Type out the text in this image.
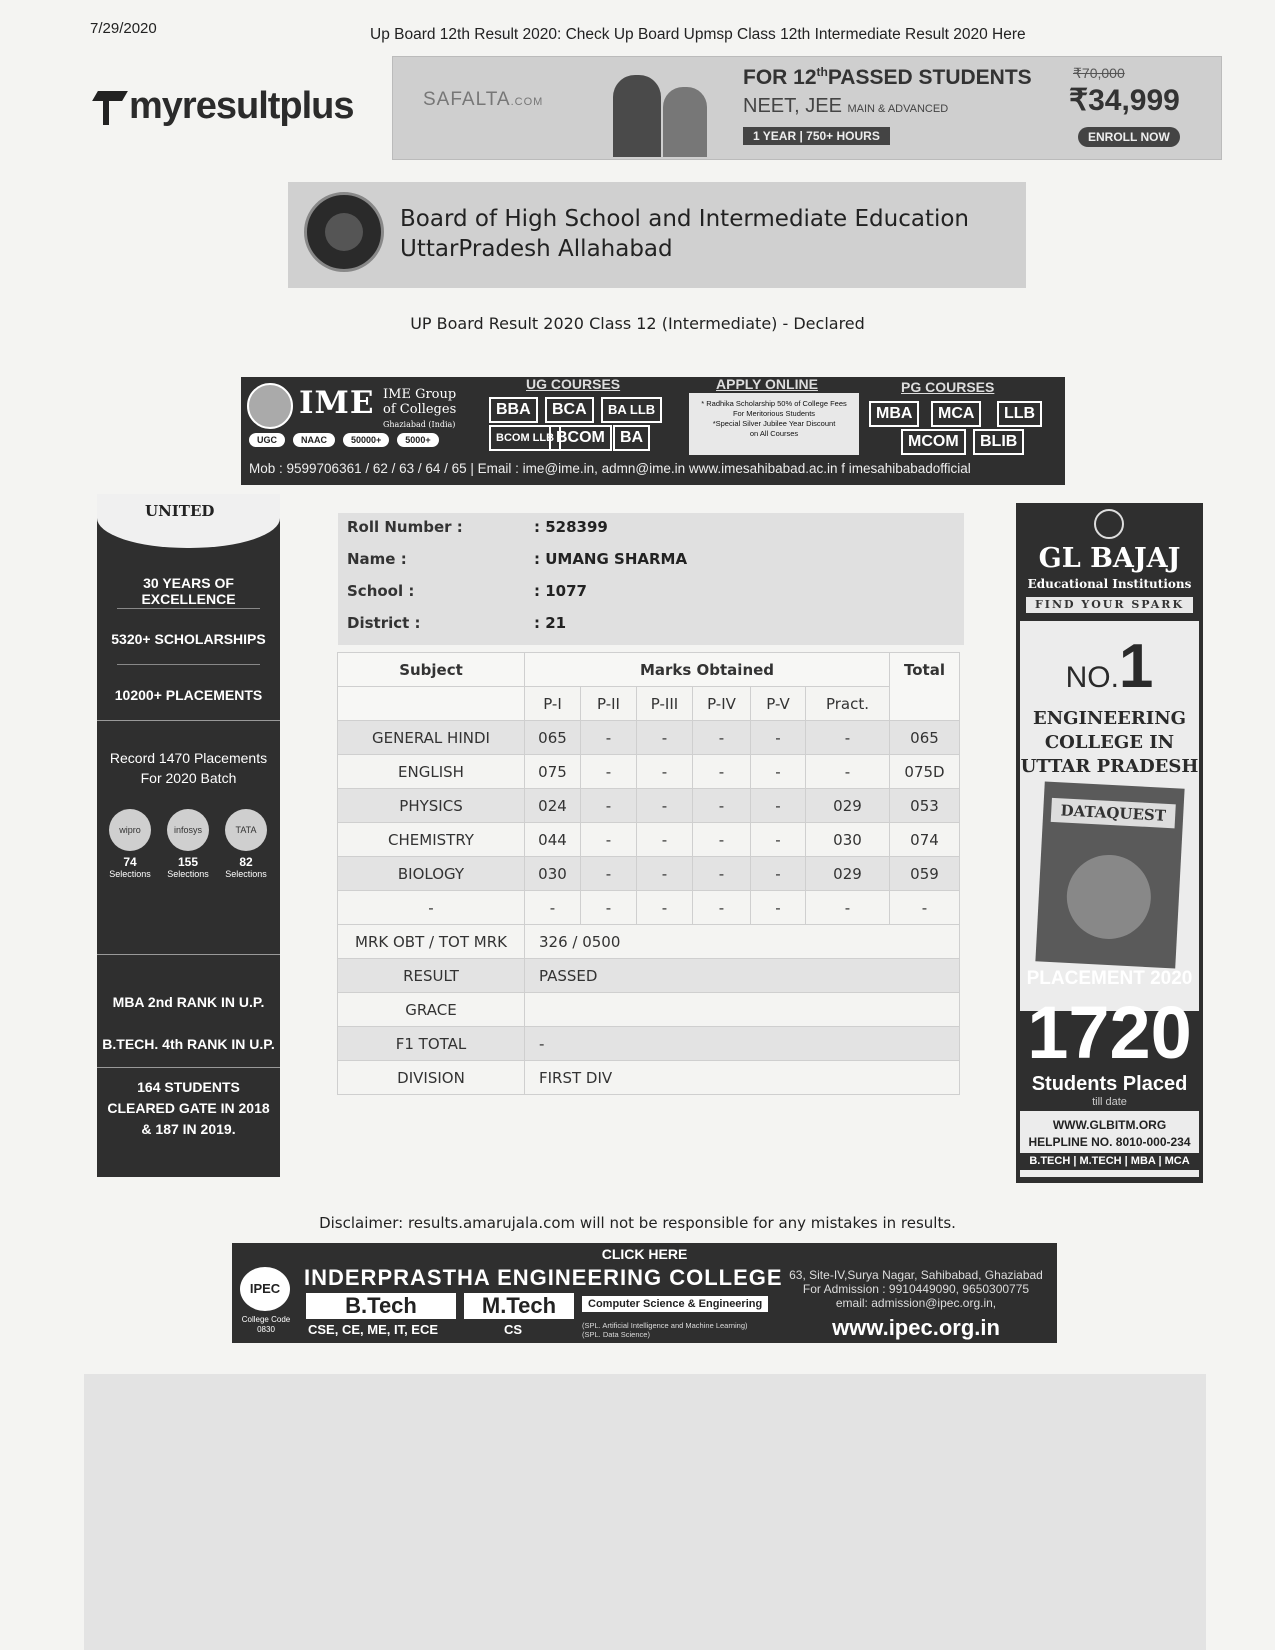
7/29/2020	Up Board 12th Result 2020: Check Up Board Upmsp Class 12th Intermediate Result 2020 Here
myresultplus	SAFALTA.COM
FOR 12thPASSED STUDENTS
NEET, JEE MAIN & ADVANCED
1 YEAR | 750+ HOURS
₹70,000
₹34,999
ENROLL NOW
Board of High School and Intermediate Education
UttarPradesh Allahabad
UP Board Result 2020 Class 12 (Intermediate) - Declared
IME IME Group
of Colleges
Ghaziabad (India)
UGC	NAAC	50000+	5000+
UG COURSES
BBA	BCA	BA LLB
BCOM LLB BCOM BA
APPLY ONLINE
* Radhika Scholarship 50% of College Fees
For Meritorious Students
*Special Silver Jubilee Year Discount
on All Courses
PG COURSES
MBA	MCA	LLB
MCOM	BLIB
Mob : 9599706361 / 62 / 63 / 64 / 65 | Email : ime@ime.in, admn@ime.in www.imesahibabad.ac.in f imesahibabadofficial
UNITED
30 YEARS OF EXCELLENCE
5320+ SCHOLARSHIPS
10200+ PLACEMENTS
Record 1470 Placements
For 2020 Batch
wipro	infosys	TATA
74
Selections
155
Selections
82
Selections
MBA 2nd RANK IN U.P.
B.TECH. 4th RANK IN U.P.
164 STUDENTS
CLEARED GATE IN 2018
& 187 IN 2019.
Roll Number :	: 528399
Name :	: UMANG SHARMA
School :	: 1077
District :	: 21
Subject	Marks Obtained						Total
	P-I	P-II	P-III	P-IV	P-V	Pract.	
GENERAL HINDI	065	-	-	-	-	-	065
ENGLISH	075	-	-	-	-	-	075D
PHYSICS	024	-	-	-	-	029	053
CHEMISTRY	044	-	-	-	-	030	074
BIOLOGY	030	-	-	-	-	029	059
-	-	-	-	-	-	-	-
MRK OBT / TOT MRK	326 / 0500						
RESULT	PASSED						
GRACE							
F1 TOTAL	-						
DIVISION	FIRST DIV						
GL BAJAJ
Educational Institutions
FIND YOUR SPARK
NO.1
ENGINEERING
COLLEGE IN
UTTAR PRADESH
DATAQUEST
PLACEMENT 2020
1720
Students Placed
till date
WWW.GLBITM.ORG
HELPLINE NO. 8010-000-234
B.TECH | M.TECH | MBA | MCA
Disclaimer: results.amarujala.com will not be responsible for any mistakes in results.
CLICK HERE
IPEC
College Code
0830
INDERPRASTHA ENGINEERING COLLEGE
B.Tech	M.Tech	Computer Science & Engineering
CSE, CE, ME, IT, ECE	CS	(SPL. Artificial Intelligence and Machine Learning)
(SPL. Data Science)
63, Site-IV,Surya Nagar, Sahibabad, Ghaziabad
For Admission : 9910449090, 9650300775
email: admission@ipec.org.in,
www.ipec.org.in
